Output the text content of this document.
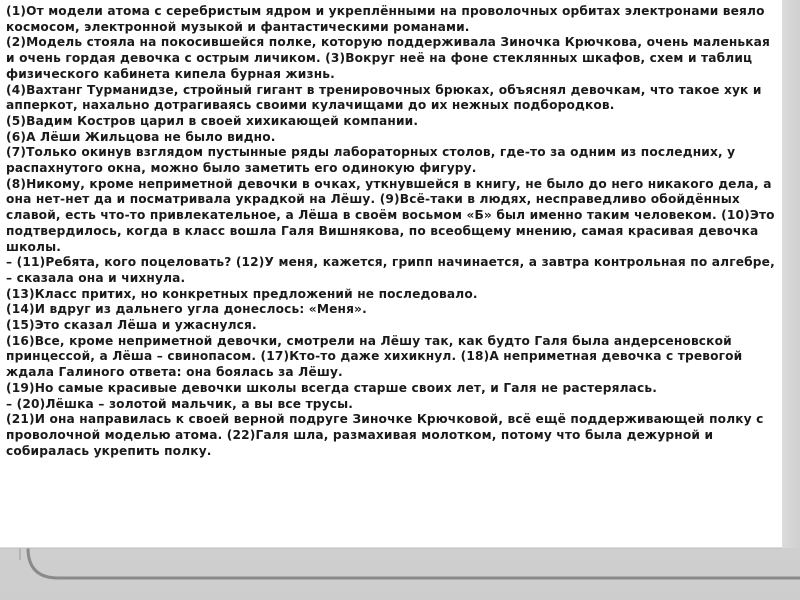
(1)От модели атома с серебристым ядром и укреплёнными на проволочных орбитах электронами веяло космосом, электронной музыкой и фантастическими романами.
(2)Модель стояла на покосившейся полке, которую поддерживала Зиночка Крючкова, очень маленькая и очень гордая девочка с острым личиком. (3)Вокруг неё на фоне стеклянных шкафов, схем и таблиц физического кабинета кипела бурная жизнь.
(4)Вахтанг Турманидзе, стройный гигант в тренировочных брюках, объяснял девочкам, что такое хук и апперкот, нахально дотрагиваясь своими кулачищами до их нежных подбородков.
(5)Вадим Костров царил в своей хихикающей компании.
(6)А Лёши Жильцова не было видно.
(7)Только окинув взглядом пустынные ряды лабораторных столов, где-то за одним из последних, у распахнутого окна, можно было заметить его одинокую фигуру.
(8)Никому, кроме неприметной девочки в очках, уткнувшейся в книгу, не было до него никакого дела, а она нет-нет да и посматривала украдкой на Лёшу. (9)Всё-таки в людях, несправедливо обойдённых славой, есть что-то привлекательное, а Лёша в своём восьмом «Б» был именно таким человеком. (10)Это подтвердилось, когда в класс вошла Галя Вишнякова, по всеобщему мнению, самая красивая девочка школы.
– (11)Ребята, кого поцеловать? (12)У меня, кажется, грипп начинается, а завтра контрольная по алгебре, – сказала она и чихнула.
(13)Класс притих, но конкретных предложений не последовало.
(14)И вдруг из дальнего угла донеслось: «Меня».
(15)Это сказал Лёша и ужаснулся.
(16)Все, кроме неприметной девочки, смотрели на Лёшу так, как будто Галя была андерсеновской принцессой, а Лёша – свинопасом. (17)Кто-то даже хихикнул. (18)А неприметная девочка с тревогой ждала Галиного ответа: она боялась за Лёшу.
(19)Но самые красивые девочки школы всегда старше своих лет, и Галя не растерялась.
– (20)Лёшка – золотой мальчик, а вы все трусы.
(21)И она направилась к своей верной подруге Зиночке Крючковой, всё ещё поддерживающей полку с проволочной моделью атома. (22)Галя шла, размахивая молотком, потому что была дежурной и собиралась укрепить полку.
